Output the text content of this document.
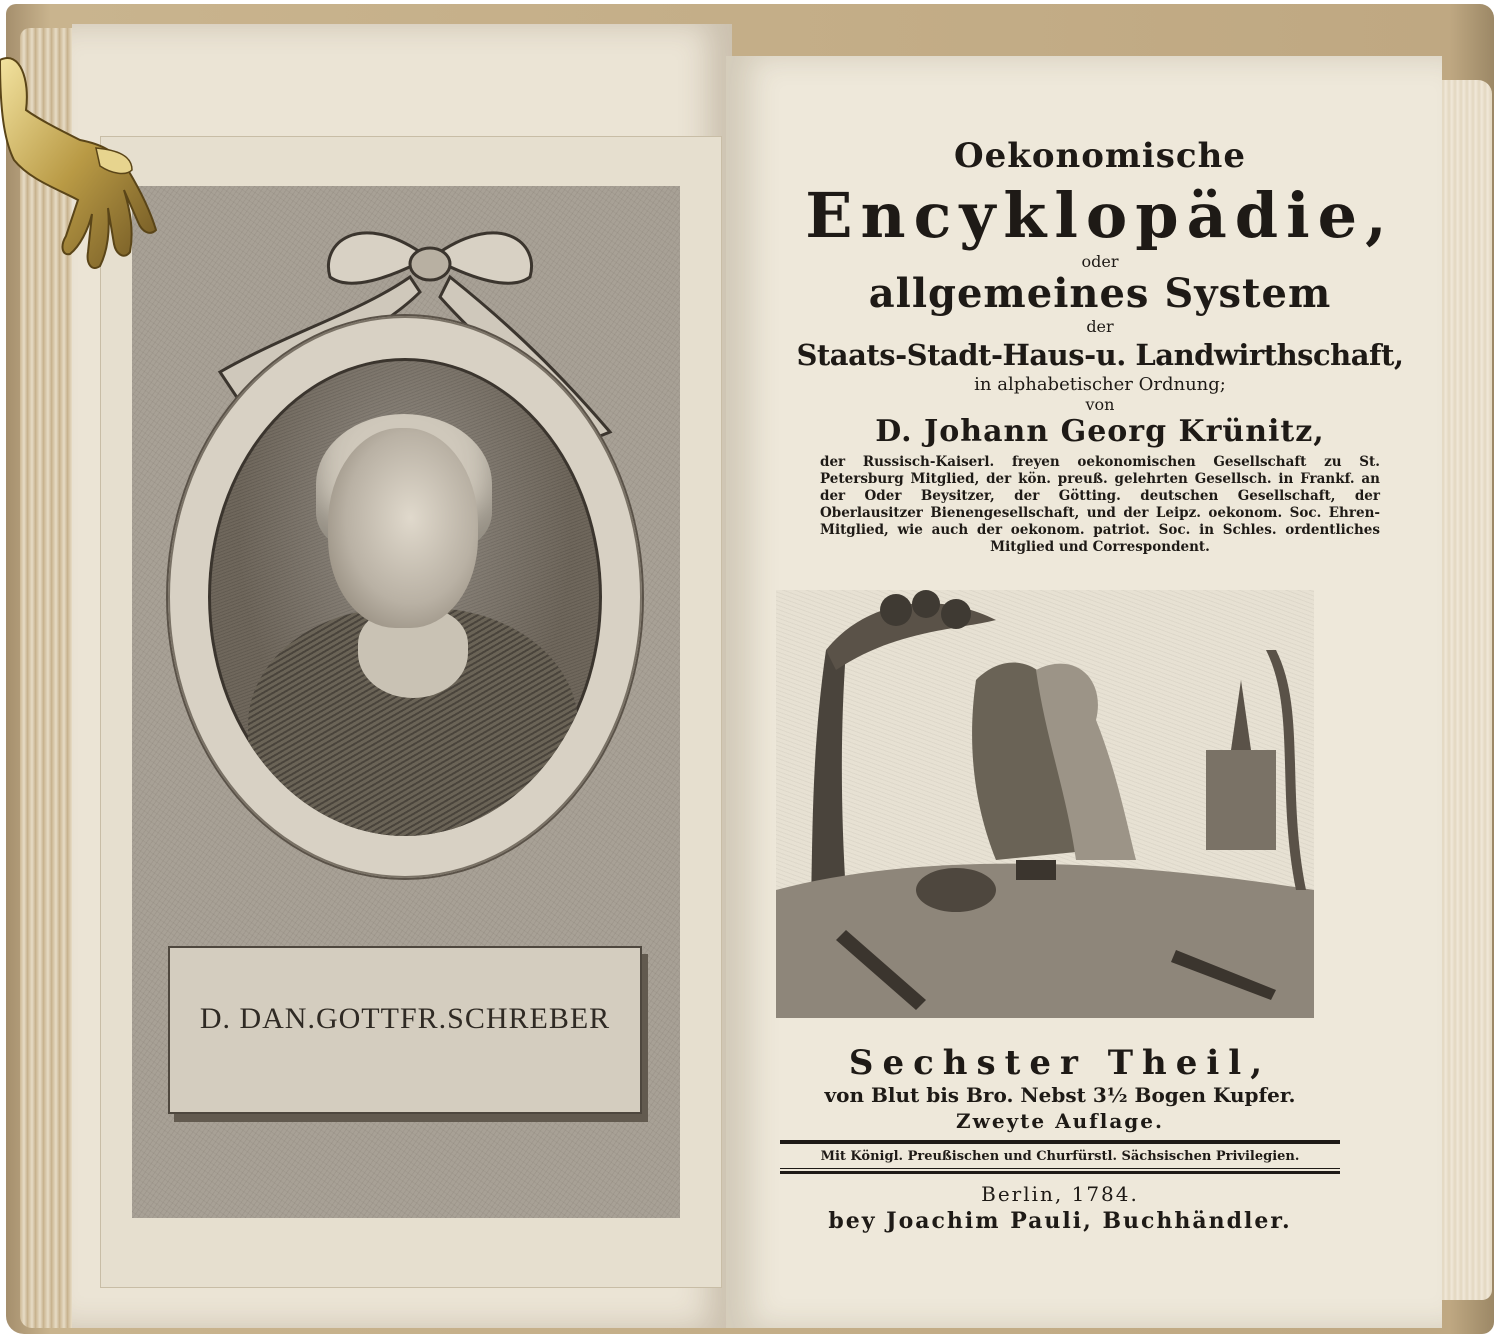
D. DAN.GOTTFR.SCHREBER
Oekonomische
Encyklopädie,
oder
allgemeines System
der
Staats-Stadt-Haus-u. Landwirthschaft,
in alphabetischer Ordnung;
von
D. Johann Georg Krünitz,
der Russisch-Kaiserl. freyen oekonomischen Gesellschaft zu St. Petersburg Mitglied, der kön. preuß. gelehrten Gesellsch. in Frankf. an der Oder Beysitzer, der Götting. deutschen Gesellschaft, der Oberlausitzer Bienengesellschaft, und der Leipz. oekonom. Soc. Ehren-Mitglied, wie auch der oekonom. patriot. Soc. in Schles. ordentliches Mitglied und Correspondent.
Sechster Theil,
von Blut bis Bro. Nebst 3½ Bogen Kupfer.
Zweyte Auflage.
Mit Königl. Preußischen und Churfürstl. Sächsischen Privilegien.
Berlin, 1784.
bey Joachim Pauli, Buchhändler.
